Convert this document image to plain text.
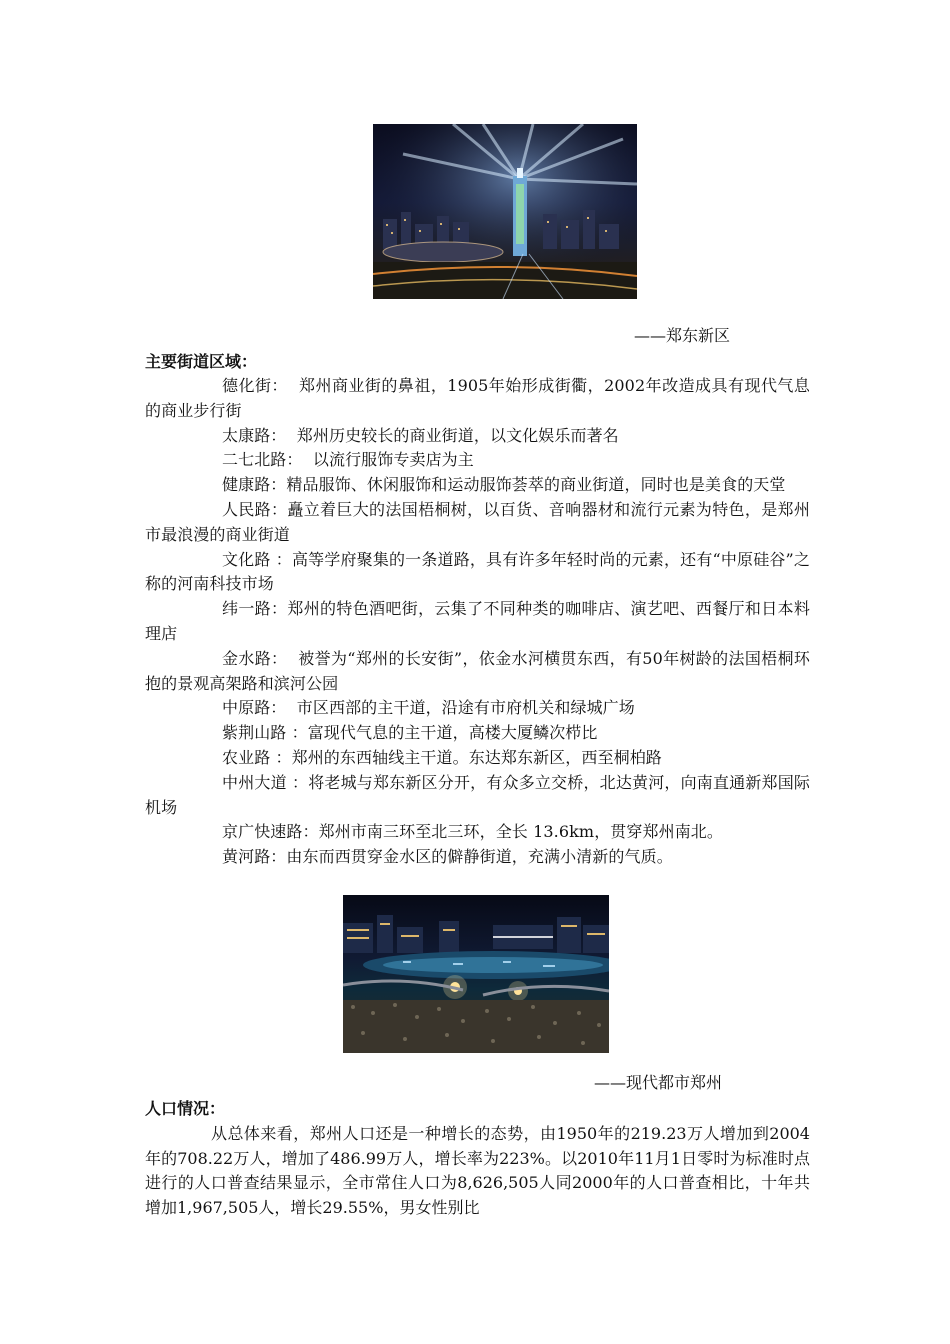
——郑东新区
主要街道区域：

德化街：  郑州商业街的鼻祖，1905年始形成街衢，2002年改造成具有现代气息的商业步行街

太康路：  郑州历史较长的商业街道，以文化娱乐而著名

二七北路：  以流行服饰专卖店为主

健康路：精品服饰、休闲服饰和运动服饰荟萃的商业街道，同时也是美食的天堂

人民路：矗立着巨大的法国梧桐树，以百货、音响器材和流行元素为特色，是郑州市最浪漫的商业街道

文化路 ：高等学府聚集的一条道路，具有许多年轻时尚的元素，还有“中原硅谷”之称的河南科技市场

纬一路：郑州的特色酒吧街，云集了不同种类的咖啡店、演艺吧、西餐厅和日本料理店

金水路：  被誉为“郑州的长安街”，依金水河横贯东西，有50年树龄的法国梧桐环抱的景观高架路和滨河公园

中原路：  市区西部的主干道，沿途有市府机关和绿城广场

紫荆山路 ：富现代气息的主干道，高楼大厦鳞次栉比

农业路 ：郑州的东西轴线主干道。东达郑东新区，西至桐柏路

中州大道 ：将老城与郑东新区分开，有众多立交桥，北达黄河，向南直通新郑国际机场

京广快速路：郑州市南三环至北三环，全长 13.6km，贯穿郑州南北。

黄河路：由东而西贯穿金水区的僻静街道，充满小清新的气质。

——现代都市郑州
人口情况：

从总体来看，郑州人口还是一种增长的态势，由1950年的219.23万人增加到2004年的708.22万人，增加了486.99万人，增长率为223%。以2010年11月1日零时为标准时点进行的人口普查结果显示，全市常住人口为8,626,505人同2000年的人口普查相比，十年共增加1,967,505人，增长29.55%，男女性别比
